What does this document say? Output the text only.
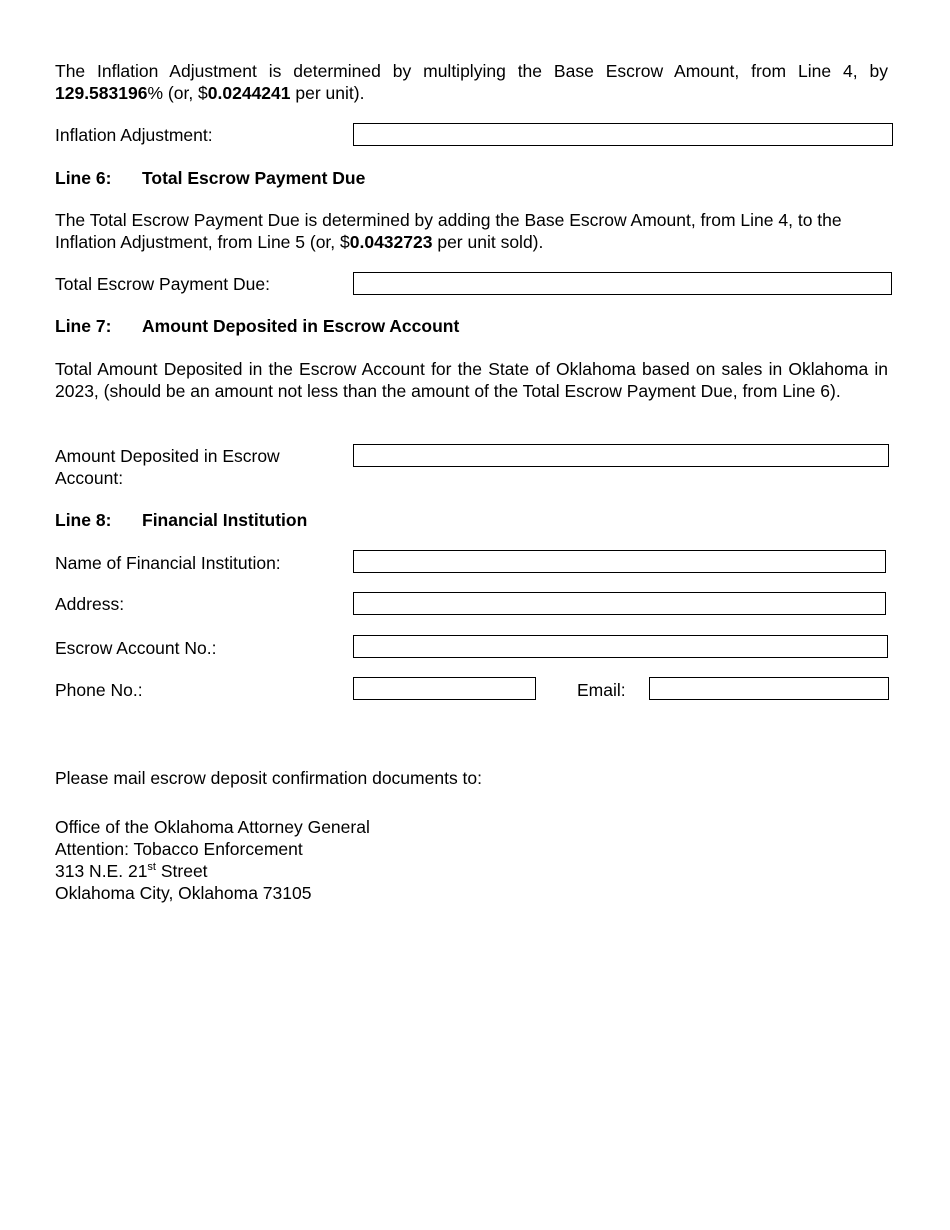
The Inflation Adjustment is determined by multiplying the Base Escrow Amount, from Line 4, by 129.583196% (or, $0.0244241 per unit).
Inflation Adjustment:
Line 6: Total Escrow Payment Due
The Total Escrow Payment Due is determined by adding the Base Escrow Amount, from Line 4, to the Inflation Adjustment, from Line 5 (or, $0.0432723 per unit sold).
Total Escrow Payment Due:
Line 7: Amount Deposited in Escrow Account
Total Amount Deposited in the Escrow Account for the State of Oklahoma based on sales in Oklahoma in 2023, (should be an amount not less than the amount of the Total Escrow Payment Due, from Line 6).
Amount Deposited in Escrow Account:
Line 8: Financial Institution
Name of Financial Institution:
Address:
Escrow Account No.:
Phone No.:	Email:
Please mail escrow deposit confirmation documents to:
Office of the Oklahoma Attorney General
Attention: Tobacco Enforcement
313 N.E. 21st Street
Oklahoma City, Oklahoma 73105
